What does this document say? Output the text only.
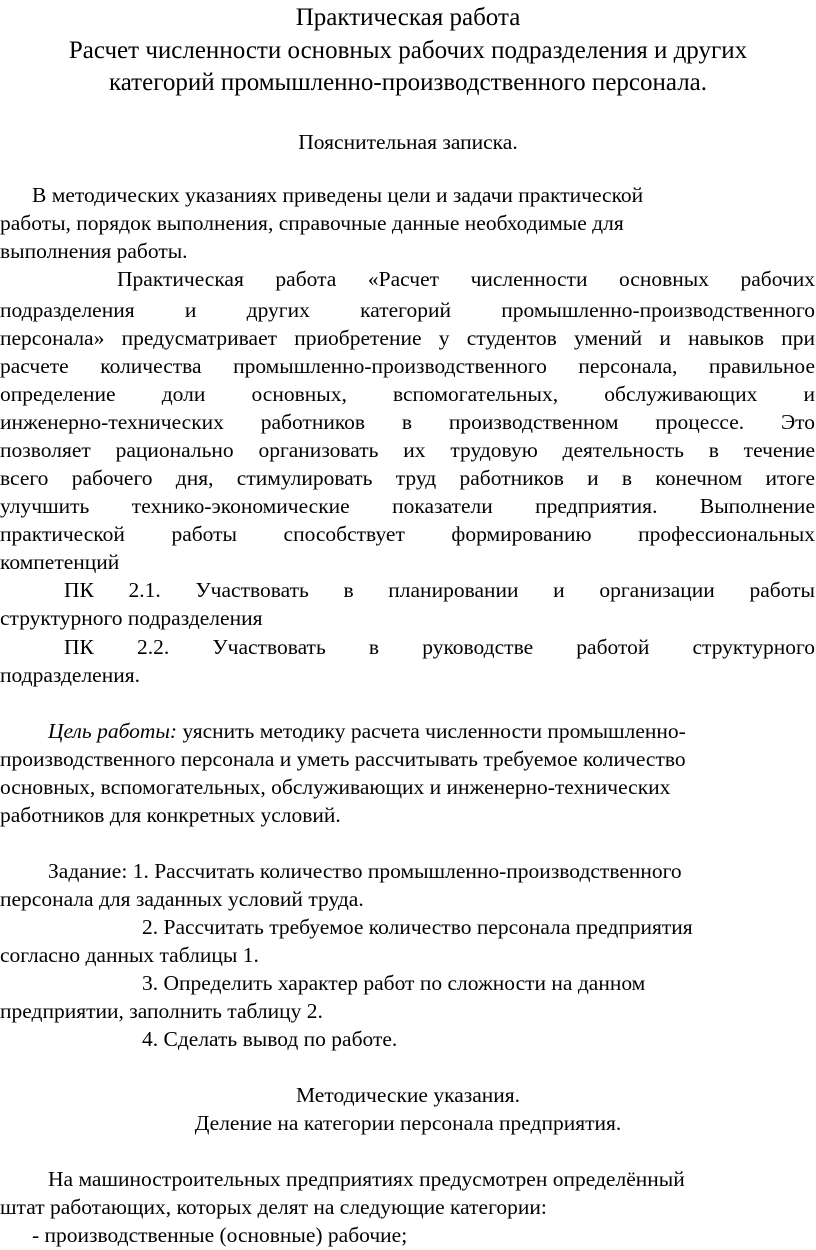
Практическая работа
Расчет численности основных рабочих подразделения и других
категорий промышленно-производственного персонала.
Пояснительная записка.
В методических указаниях приведены цели и задачи практической
работы, порядок выполнения, справочные данные необходимые для
выполнения работы.
Практическая работа «Расчет численности основных рабочих
подразделения и других категорий промышленно-производственного
персонала» предусматривает приобретение у студентов умений и навыков при
расчете количества промышленно-производственного персонала, правильное
определение доли основных, вспомогательных, обслуживающих и
инженерно-технических работников в производственном процессе. Это
позволяет рационально организовать их трудовую деятельность в течение
всего рабочего дня, стимулировать труд работников и в конечном итоге
улучшить технико-экономические показатели предприятия. Выполнение
практической работы способствует формированию профессиональных
компетенций
ПК 2.1. Участвовать в планировании и организации работы
структурного подразделения
ПК 2.2. Участвовать в руководстве работой структурного
подразделения.
Цель работы: уяснить методику расчета численности промышленно-
производственного персонала и уметь рассчитывать требуемое количество
основных, вспомогательных, обслуживающих и инженерно-технических
работников для конкретных условий.
Задание: 1. Рассчитать количество промышленно-производственного
персонала для заданных условий труда.
2. Рассчитать требуемое количество персонала предприятия
согласно данных таблицы 1.
3. Определить характер работ по сложности на данном
предприятии, заполнить таблицу 2.
4. Сделать вывод по работе.
Методические указания.
Деление на категории персонала предприятия.
На машиностроительных предприятиях предусмотрен определённый
штат работающих, которых делят на следующие категории:
- производственные (основные) рабочие;
